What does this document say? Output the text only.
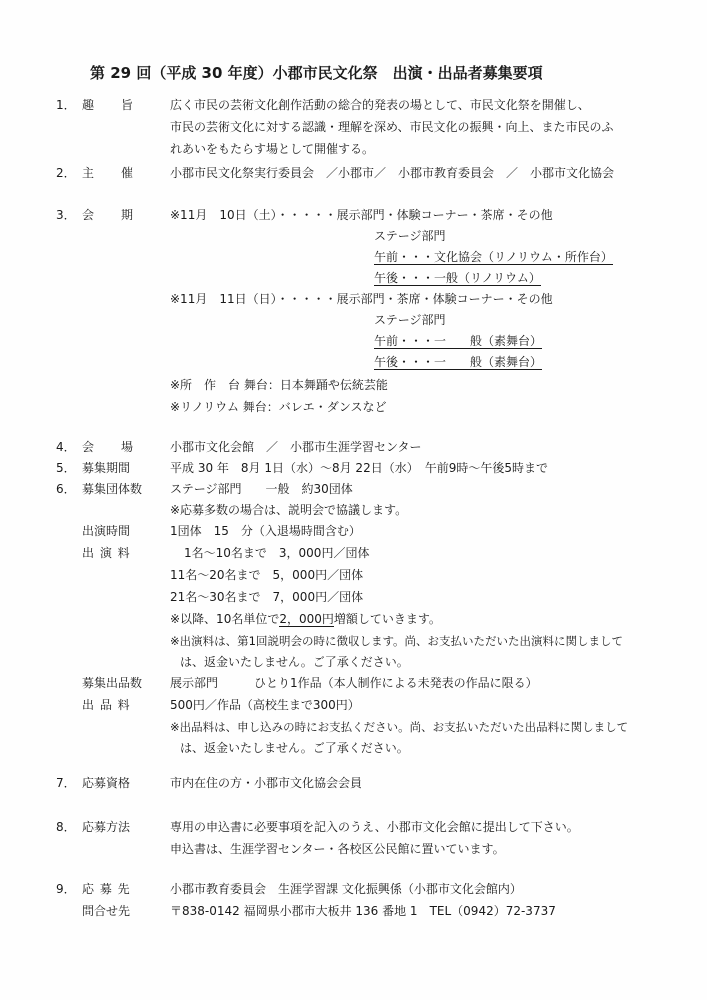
第 29 回（平成 30 年度）小郡市民文化祭　出演・出品者募集要項
1． 趣　　旨	広く市民の芸術文化創作活動の総合的発表の場として、市民文化祭を開催し、
市民の芸術文化に対する認識・理解を深め、市民文化の振興・向上、また市民のふ
れあいをもたらす場として開催する。
2． 主　　催	小郡市民文化祭実行委員会　／小郡市／　小郡市教育委員会　／　小郡市文化協会
3． 会　　期	※11月　10日（土）・・・・・展示部門・体験コーナー・茶席・その他
ステージ部門
午前・・・文化協会（リノリウム・所作台）
午後・・・一般（リノリウム）
※11月　11日（日）・・・・・展示部門・茶席・体験コーナー・その他
ステージ部門
午前・・・一　　般（素舞台）
午後・・・一　　般（素舞台）
※所　作　台 舞台：日本舞踊や伝統芸能
※リノリウム 舞台：バレエ・ダンスなど
4． 会　　場	小郡市文化会館　／　小郡市生涯学習センター
5． 募集期間	平成 30 年　8月 1日（水）～8月 22日（水）　午前9時～午後5時まで
6． 募集団体数 ステージ部門　　一般　約30団体
※応募多数の場合は、説明会で協議します。
出演時間	1団体　15　分（入退場時間含む）
出 演 料	1名～10名まで　3，000円／団体
11名～20名まで　5，000円／団体
21名～30名まで　7，000円／団体
※以降、10名単位で2，000円増額していきます。
※出演料は、第1回説明会の時に徴収します。尚、お支払いただいた出演料に関しまして
は、返金いたしません。ご了承ください。
募集出品数 展示部門　　　ひとり1作品（本人制作による未発表の作品に限る）
出 品 料	500円／作品（高校生まで300円）
※出品料は、申し込みの時にお支払ください。尚、お支払いただいた出品料に関しまして
は、返金いたしません。ご了承ください。
7． 応募資格	市内在住の方・小郡市文化協会会員
8． 応募方法	専用の申込書に必要事項を記入のうえ、小郡市文化会館に提出して下さい。
申込書は、生涯学習センター・各校区公民館に置いています。
9． 応 募 先	小郡市教育委員会　生涯学習課 文化振興係（小郡市文化会館内）
問合せ先	〒838-0142 福岡県小郡市大板井 136 番地 1　TEL（0942）72-3737
